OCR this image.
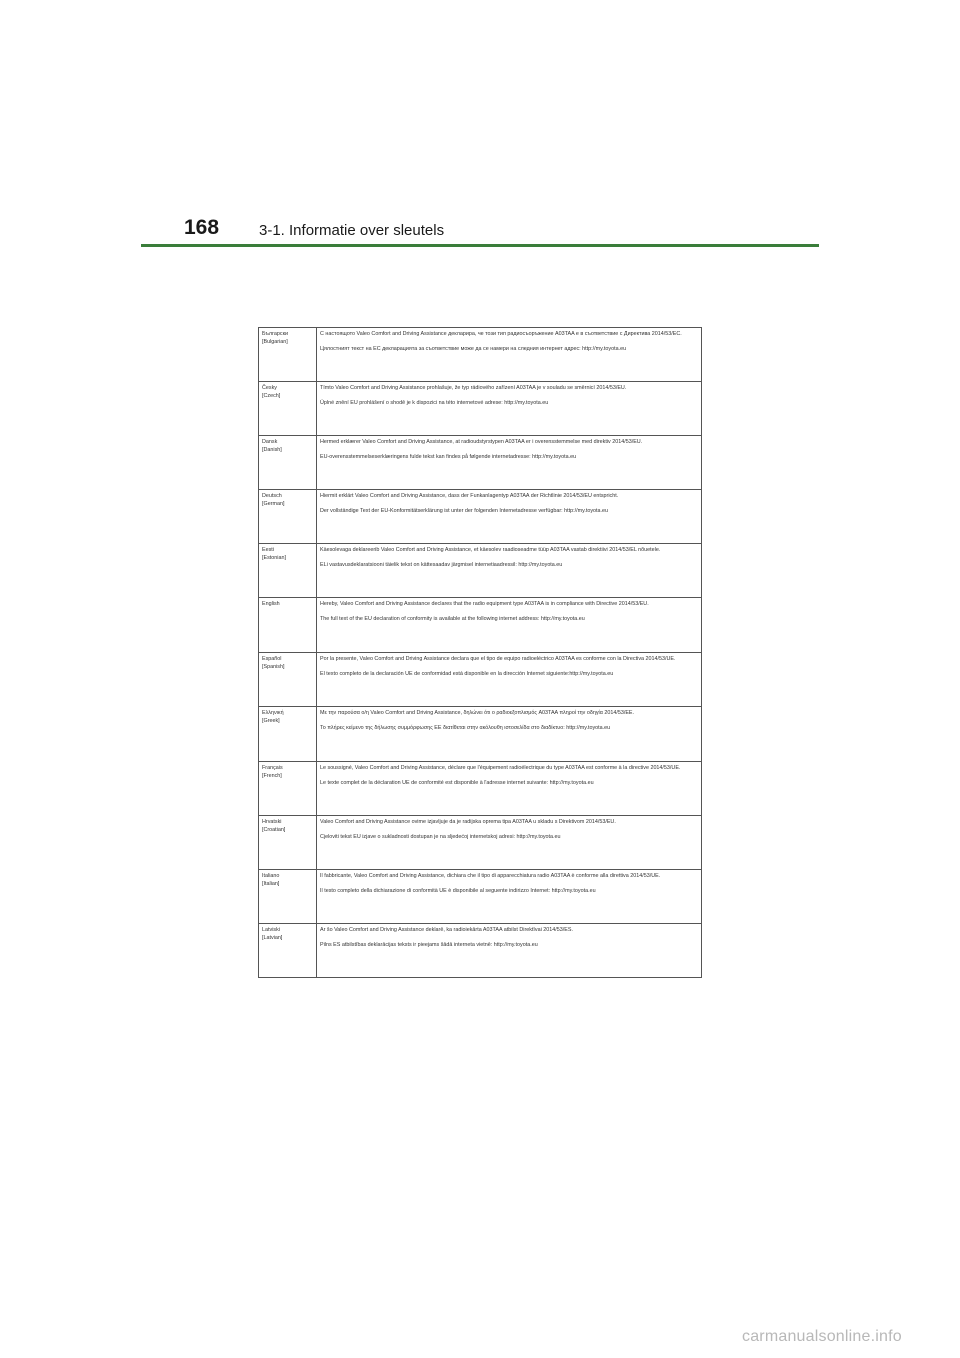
168	3-1. Informatie over sleutels
Български
[Bulgarian]	С настоящото Valeo Comfort and Driving Assistance декларира, че този тип радиосъоръжение A03TAA е в съответствие с Директива 2014/53/ЕС.
Цялостният текст на ЕС декларацията за съответствие може да се намери на следния интернет адрес: http://my.toyota.eu

Česky
[Czech]	Tímto Valeo Comfort and Driving Assistance prohlašuje, že typ rádiového zařízení A03TAA je v souladu se směrnicí 2014/53/EU.
Úplné znění EU prohlášení o shodě je k dispozici na této internetové adrese: http://my.toyota.eu

Dansk
[Danish]	Hermed erklærer Valeo Comfort and Driving Assistance, at radioudstyrstypen A03TAA er i overensstemmelse med direktiv 2014/53/EU.
EU-overensstemmelseserklæringens fulde tekst kan findes på følgende internetadresse: http://my.toyota.eu

Deutsch
[German]	Hiermit erklärt Valeo Comfort and Driving Assistance, dass der Funkanlagentyp A03TAA der Richtlinie 2014/53/EU entspricht.
Der vollständige Text der EU-Konformitätserklärung ist unter der folgenden Internetadresse verfügbar: http://my.toyota.eu

Eesti
[Estonian]	Käesolevaga deklareerib Valeo Comfort and Driving Assistance, et käesolev raadioseadme tüüp A03TAA vastab direktiivi 2014/53/EL nõuetele.
ELi vastavusdeklaratsiooni täielik tekst on kättesaadav järgmisel internetiaadressil: http://my.toyota.eu

English	Hereby, Valeo Comfort and Driving Assistance declares that the radio equipment type A03TAA is in compliance with Directive 2014/53/EU.
The full text of the EU declaration of conformity is available at the following internet address: http://my.toyota.eu

Español
[Spanish]	Por la presente, Valeo Comfort and Driving Assistance declara que el tipo de equipo radioeléctrico A03TAA es conforme con la Directiva 2014/53/UE.
El texto completo de la declaración UE de conformidad está disponible en la dirección Internet siguiente:http://my.toyota.eu

Ελληνική
[Greek]	Με την παρούσα ο/η Valeo Comfort and Driving Assistance, δηλώνει ότι ο ραδιοεξοπλισμός A03TAA πληροί την οδηγία 2014/53/ΕΕ.
Το πλήρες κείμενο της δήλωσης συμμόρφωσης ΕΕ διατίθεται στην ακόλουθη ιστοσελίδα στο διαδίκτυο: http://my.toyota.eu

Français
[French]	Le soussigné, Valeo Comfort and Driving Assistance, déclare que l'équipement radioélectrique du type A03TAA est conforme à la directive 2014/53/UE.
Le texte complet de la déclaration UE de conformité est disponible à l'adresse internet suivante: http://my.toyota.eu

Hrvatski
[Croatian]	Valeo Comfort and Driving Assistance ovime izjavljuje da je radijska oprema tipa A03TAA u skladu s Direktivom 2014/53/EU.
Cjeloviti tekst EU izjave o sukladnosti dostupan je na sljedećoj internetskoj adresi: http://my.toyota.eu

Italiano
[Italian]	Il fabbricante, Valeo Comfort and Driving Assistance, dichiara che il tipo di apparecchiatura radio A03TAA è conforme alla direttiva 2014/53/UE.
Il testo completo della dichiarazione di conformità UE è disponibile al seguente indirizzo Internet: http://my.toyota.eu

Latviski
[Latvian]	Ar šo Valeo Comfort and Driving Assistance deklarē, ka radioiekārta A03TAA atbilst Direktīvai 2014/53/ES.
Pilns ES atbilstības deklarācijas teksts ir pieejams šādā interneta vietnē: http://my.toyota.eu
carmanualsonline.info
